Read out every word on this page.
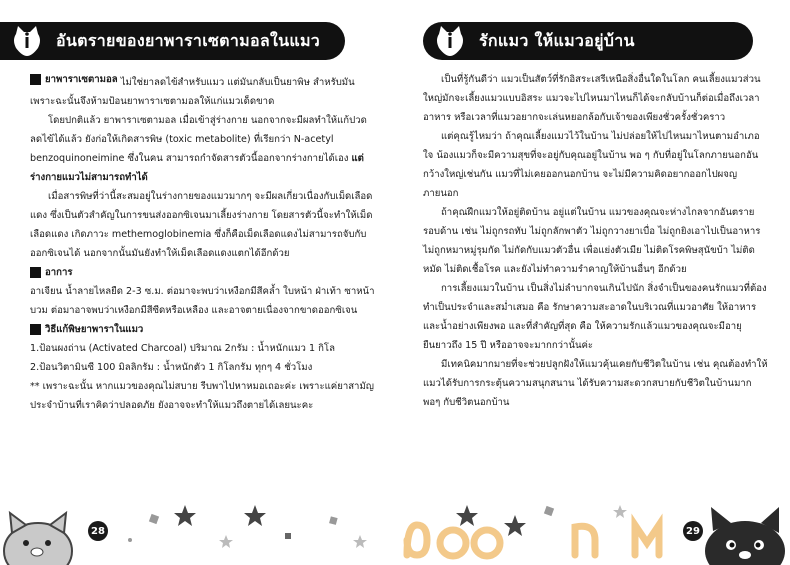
อันตรายของยาพาราเซตามอลในแมว

ยาพาราเซตามอล ไม่ใช่ยาลดไข้สำหรับแมว แต่มันกลับเป็นยาพิษ สำหรับมัน เพราะฉะนั้นจึงห้ามป้อนยาพาราเซตามอลให้แก่แมวเด็ดขาด

โดยปกติแล้ว ยาพาราเซตามอล เมื่อเข้าสู่ร่างกาย นอกจากจะมีผลทำให้แก้ปวดลดไข้ได้แล้ว ยังก่อให้เกิดสารพิษ (toxic metabolite) ที่เรียกว่า N-acetyl benzoquinoneimine ซึ่งในคน สามารถกำจัดสารตัวนี้ออกจากร่างกายได้เอง แต่ร่างกายแมวไม่สามารถทำได้

เมื่อสารพิษที่ว่านี้สะสมอยู่ในร่างกายของแมวมากๆ จะมีผลเกี่ยวเนื่องกับเม็ดเลือดแดง ซึ่งเป็นตัวสำคัญในการขนส่งออกซิเจนมาเลี้ยงร่างกาย โดยสารตัวนี้จะทำให้เม็ดเลือดแดง เกิดภาวะ methemoglobinemia ซึ่งก็คือเม็ดเลือดแดงไม่สามารถจับกับออกซิเจนได้ นอกจากนั้นมันยังทำให้เม็ดเลือดแดงแตกได้อีกด้วย

อาการ

อาเจียน น้ำลายไหลยืด 2-3 ซ.ม. ต่อมาจะพบว่าเหงือกมีสีคล้ำ ใบหน้า ฝ่าเท้า ซาหน้าบวม ต่อมาอาจพบว่าเหงือกมีสีซีดหรือเหลือง และอาจตายเนื่องจากขาดออกซิเจน

วิธีแก้พิษยาพาราในแมว

1.ป้อนผงถ่าน (Activated Charcoal) ปริมาณ 2กรัม : น้ำหนักแมว 1 กิโล

2.ป้อนวิตามินซี 100 มิลลิกรัม : น้ำหนักตัว 1 กิโลกรัม ทุกๆ 4 ชั่วโมง

** เพราะฉะนั้น หากแมวของคุณไม่สบาย รีบพาไปหาหมอเถอะค่ะ เพราะแค่ยาสามัญประจำบ้านที่เราคิดว่าปลอดภัย ยังอาจจะทำให้แมวถึงตายได้เลยนะคะ

28
รักแมว ให้แมวอยู่บ้าน

เป็นที่รู้กันดีว่า แมวเป็นสัตว์ที่รักอิสระเสรีเหนือสิ่งอื่นใดในโลก คนเลี้ยงแมวส่วนใหญ่มักจะเลี้ยงแมวแบบอิสระ แมวจะไปไหนมาไหนก็ได้จะกลับบ้านก็ต่อเมื่อถึงเวลาอาหาร หรือเวลาที่แมวอยากจะเล่นหยอกล้อกับเจ้าของเพียงชั่วครั้งชั่วคราว

แต่คุณรู้ไหมว่า ถ้าคุณเลี้ยงแมวไว้ในบ้าน ไม่ปล่อยให้ไปไหนมาไหนตามอำเภอใจ น้องแมวก็จะมีความสุขที่จะอยู่กับคุณอยู่ในบ้าน พอ ๆ กับที่อยู่ในโลกภายนอกอันกว้างใหญ่เช่นกัน แมวที่ไม่เคยออกนอกบ้าน จะไม่มีความคิดอยากออกไปผจญภายนอก

ถ้าคุณฝึกแมวให้อยู่ติดบ้าน อยู่แต่ในบ้าน แมวของคุณจะห่างไกลจากอันตรายรอบด้าน เช่น ไม่ถูกรถทับ ไม่ถูกลักพาตัว ไม่ถูกวางยาเบื่อ ไม่ถูกยิงเอาไปเป็นอาหาร ไม่ถูกหมาหมู่รุมกัด ไม่กัดกับแมวตัวอื่น เพื่อแย่งตัวเมีย ไม่ติดโรคพิษสุนัขบ้า ไม่ติดหมัด ไม่ติดเชื้อโรค และยังไม่ทำความรำคาญให้บ้านอื่นๆ อีกด้วย

การเลี้ยงแมวในบ้าน เป็นสิ่งไม่ลำบากจนเกินไปนัก สิ่งจำเป็นของคนรักแมวที่ต้องทำเป็นประจำและสม่ำเสมอ คือ รักษาความสะอาดในบริเวณที่แมวอาศัย ให้อาหารและน้ำอย่างเพียงพอ และที่สำคัญที่สุด คือ ให้ความรักแล้วแมวของคุณจะมีอายุยืนยาวถึง 15 ปี หรืออาจจะมากกว่านั้นค่ะ

มีเทคนิคมากมายที่จะช่วยปลูกฝังให้แมวคุ้นเคยกับชีวิตในบ้าน เช่น คุณต้องทำให้แมวได้รับการกระตุ้นความสนุกสนาน ได้รับความสะดวกสบายกับชีวิตในบ้านมากพอๆ กับชีวิตนอกบ้าน

29
